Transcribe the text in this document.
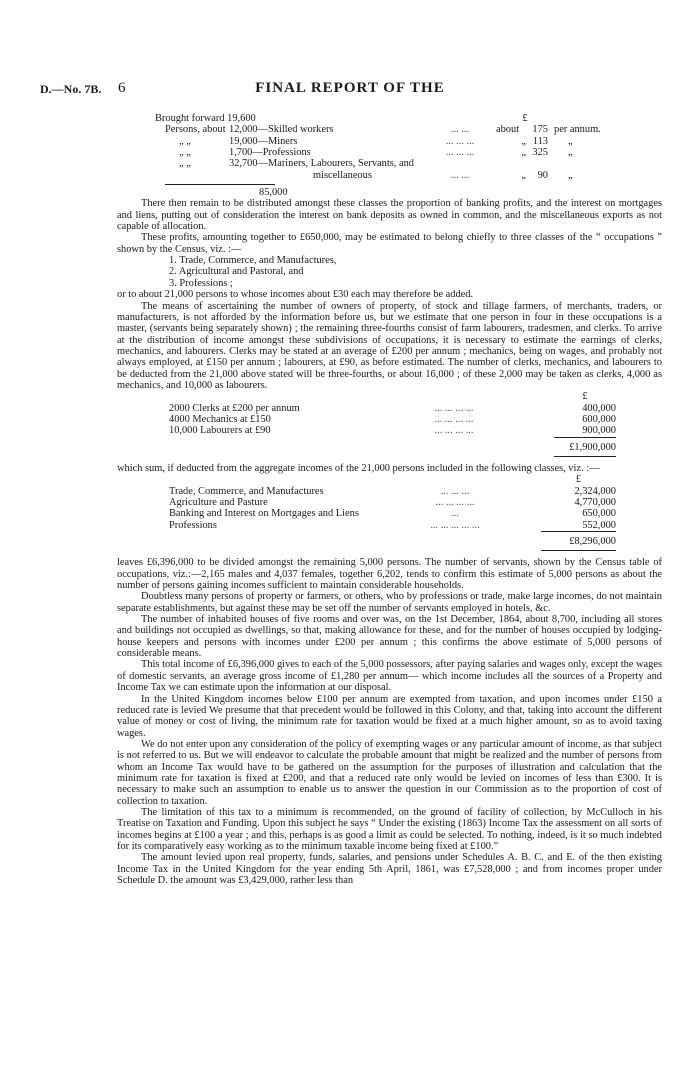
D.—No. 7B. 6	FINAL REPORT OF THE
Brought forward 19,600			£		
Persons, about	12,000—Skilled workers	... ...	about	175	per annum.
„ „	19,000—Miners	... ... ...	„	113	„
„ „	1,700—Professions	... ... ...	„	325	„
„ „	32,700—Mariners, Labourers, Servants, and				
	miscellaneous	... ...	„	90	„
85,000

There then remain to be distributed amongst these classes the proportion of banking profits, and the interest on mortgages and liens, putting out of consideration the interest on bank deposits as owned in common, and the miscellaneous exports as not capable of allocation.

These profits, amounting together to £650,000, may be estimated to belong chiefly to three classes of the “ occupations ” shown by the Census, viz. :—

1. Trade, Commerce, and Manufactures,
2. Agricultural and Pastoral, and
3. Professions ;

or to about 21,000 persons to whose incomes about £30 each may therefore be added.

The means of ascertaining the number of owners of property, of stock and tillage farmers, of merchants, traders, or manufacturers, is not afforded by the information before us, but we estimate that one person in four in these occupations is a master, (servants being separately shown) ; the remaining three-fourths consist of farm labourers, tradesmen, and clerks. To arrive at the distribution of income amongst these subdivisions of occupations, it is necessary to estimate the earnings of clerks, mechanics, and labourers. Clerks may be stated at an average of £200 per annum ; mechanics, being on wages, and probably not always employed, at £150 per annum ; labourers, at £90, as before estimated. The number of clerks, mechanics, and labourers to be deducted from the 21,000 above stated will be three-fourths, or about 16,000 ; of these 2,000 may be taken as clerks, 4,000 as mechanics, and 10,000 as labourers.

		£
2000 Clerks at £200 per annum	... ... ... ...	400,000
4000 Mechanics at £150	... ... ... ...	600,000
10,000 Labourers at £90	... ... ... ...	900,000
		£1,900,000

which sum, if deducted from the aggregate incomes of the 21,000 persons included in the following classes, viz. :—

		£
Trade, Commerce, and Manufactures	... ... ...	2,324,000
Agriculture and Pasture	... ... ... ...	4,770,000
Banking and Interest on Mortgages and Liens	...	650,000
Professions	... ... ... ... ...	552,000
		£8,296,000

leaves £6,396,000 to be divided amongst the remaining 5,000 persons. The number of servants, shown by the Census table of occupations, viz.:—2,165 males and 4,037 females, together 6,202, tends to confirm this estimate of 5,000 persons as about the number of persons gaining incomes sufficient to maintain considerable households.

Doubtless many persons of property or farmers, or others, who by professions or trade, make large incomes, do not maintain separate establishments, but against these may be set off the number of servants employed in hotels, &c.

The number of inhabited houses of five rooms and over was, on the 1st December, 1864, about 8,700, including all stores and buildings not occupied as dwellings, so that, making allowance for these, and for the number of houses occupied by lodging-house keepers and persons with incomes under £200 per annum ; this confirms the above estimate of 5,000 persons of considerable means.

This total income of £6,396,000 gives to each of the 5,000 possessors, after paying salaries and wages only, except the wages of domestic servants, an average gross income of £1,280 per annum— which income includes all the sources of a Property and Income Tax we can estimate upon the information at our disposal.

In the United Kingdom incomes below £100 per annum are exempted from taxation, and upon incomes under £150 a reduced rate is levied We presume that that precedent would be followed in this Colony, and that, taking into account the different value of money or cost of living, the minimum rate for taxation would be fixed at a much higher amount, so as to avoid taxing wages.

We do not enter upon any consideration of the policy of exempting wages or any particular amount of income, as that subject is not referred to us. But we will endeavor to calculate the probable amount that might be realized and the number of persons from whom an Income Tax would have to be gathered on the assumption for the purposes of illustration and calculation that the minimum rate for taxation is fixed at £200, and that a reduced rate only would be levied on incomes of less than £300. It is necessary to make such an assumption to enable us to answer the question in our Commission as to the proportion of cost of collection to taxation.

The limitation of this tax to a minimum is recommended, on the ground of facility of collection, by McCulloch in his Treatise on Taxation and Funding. Upon this subject he says “ Under the existing (1863) Income Tax the assessment on all sorts of incomes begins at £100 a year ; and this, perhaps is as good a limit as could be selected. To nothing, indeed, is it so much indebted for its comparatively easy working as to the minimum taxable income being fixed at £100.”

The amount levied upon real property, funds, salaries, and pensions under Schedules A. B. C. and E. of the then existing Income Tax in the United Kingdom for the year ending 5th April, 1861, was £7,528,000 ; and from incomes proper under Schedule D. the amount was £3,429,000, rather less than
